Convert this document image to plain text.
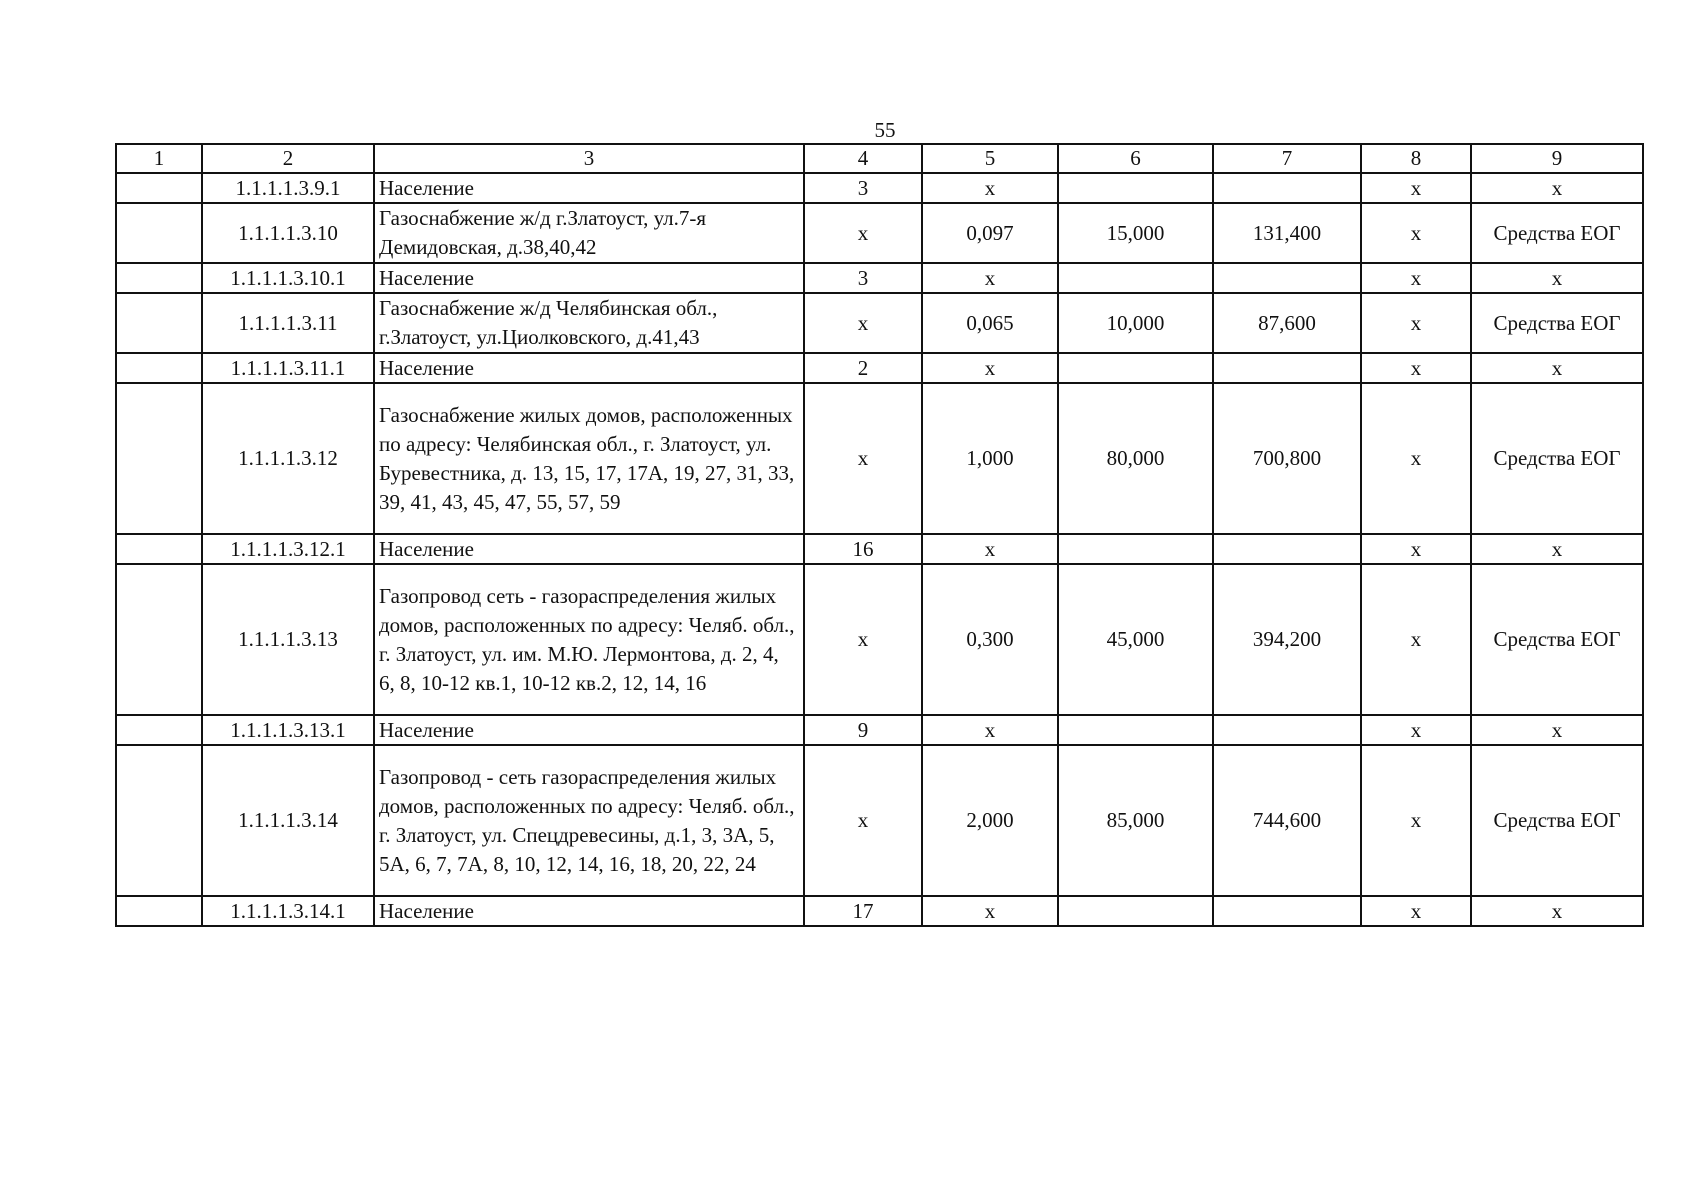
55
1	2	3	4	5	6	7	8	9
	1.1.1.1.3.9.1	Население	3	х			х	х
	1.1.1.1.3.10	Газоснабжение ж/д г.Златоуст, ул.7-я Демидовская, д.38,40,42	х	0,097	15,000	131,400	х	Средства ЕОГ
	1.1.1.1.3.10.1	Население	3	х			х	х
	1.1.1.1.3.11	Газоснабжение ж/д Челябинская обл., г.Златоуст, ул.Циолковского, д.41,43	х	0,065	10,000	87,600	х	Средства ЕОГ
	1.1.1.1.3.11.1	Население	2	х			х	х
	1.1.1.1.3.12	Газоснабжение жилых домов, расположенных по адресу: Челябинская обл., г. Златоуст, ул. Буревестника, д. 13, 15, 17, 17А, 19, 27, 31, 33, 39, 41, 43, 45, 47, 55, 57, 59	х	1,000	80,000	700,800	х	Средства ЕОГ
	1.1.1.1.3.12.1	Население	16	х			х	х
	1.1.1.1.3.13	Газопровод сеть - газораспределения жилых домов, расположенных по адресу: Челяб. обл., г. Златоуст, ул. им. М.Ю. Лермонтова, д. 2, 4, 6, 8, 10-12 кв.1, 10-12 кв.2, 12, 14, 16	х	0,300	45,000	394,200	х	Средства ЕОГ
	1.1.1.1.3.13.1	Население	9	х			х	х
	1.1.1.1.3.14	Газопровод - сеть газораспределения жилых домов, расположенных по адресу: Челяб. обл., г. Златоуст, ул. Спецдревесины, д.1, 3, 3А, 5, 5А, 6, 7, 7А, 8, 10, 12, 14, 16, 18, 20, 22, 24	х	2,000	85,000	744,600	х	Средства ЕОГ
	1.1.1.1.3.14.1	Население	17	х			х	х
